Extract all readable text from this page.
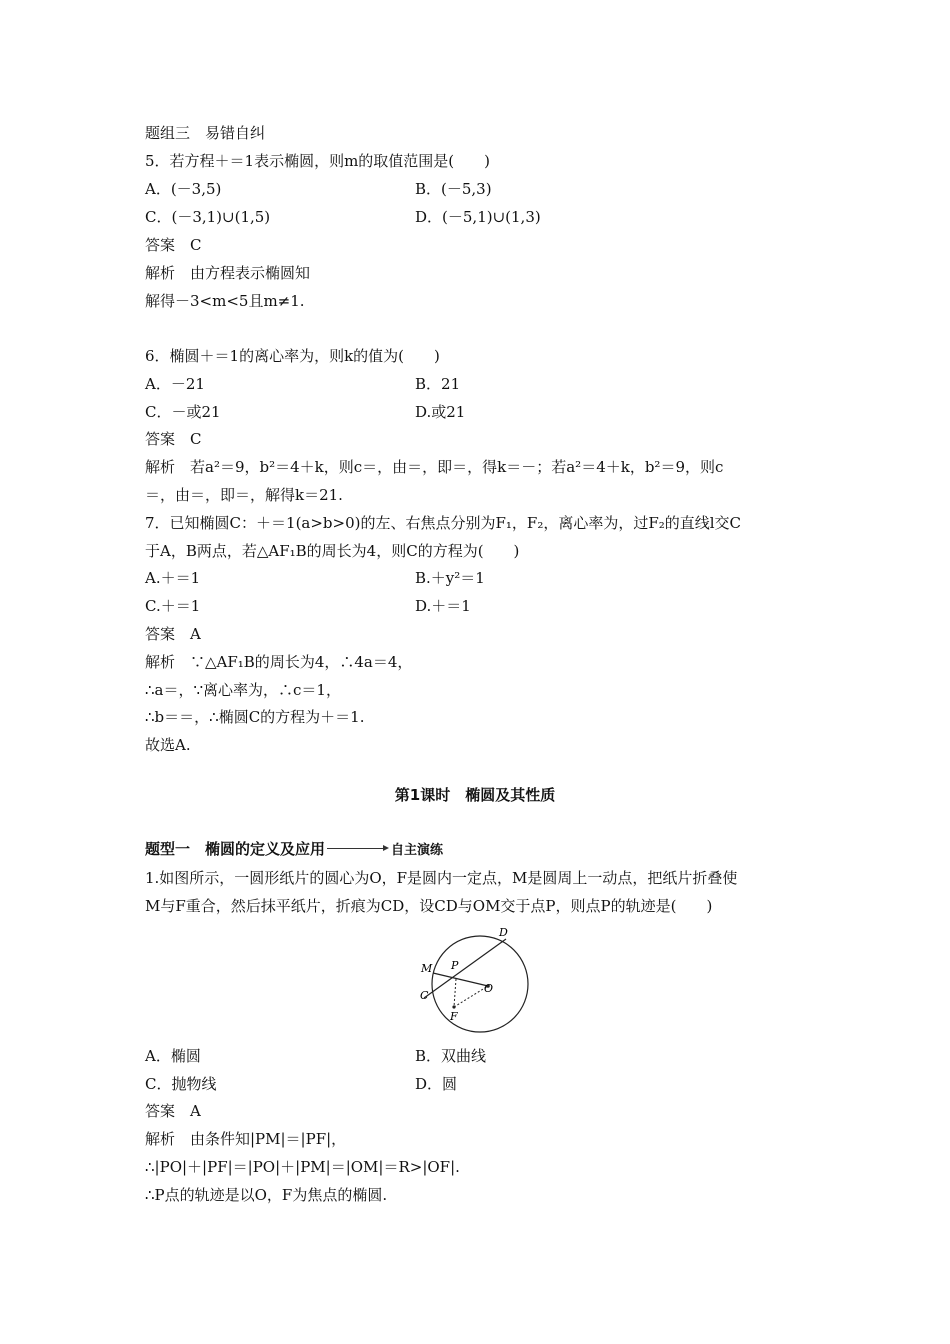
题组三　易错自纠
5．若方程＋＝1表示椭圆，则m的取值范围是(　　)
A．(－3,5)	B．(－5,3)
C．(－3,1)∪(1,5)	D．(－5,1)∪(1,3)
答案　C
解析　由方程表示椭圆知
解得－3<m<5且m≠1.
6．椭圆＋＝1的离心率为，则k的值为(　　)
A．－21	B．21
C．－或21	D.或21
答案　C
解析　若a²＝9，b²＝4＋k，则c＝，由＝，即＝，得k＝－；若a²＝4＋k，b²＝9，则c
＝，由＝，即＝，解得k＝21.
7．已知椭圆C：＋＝1(a>b>0)的左、右焦点分别为F₁，F₂，离心率为，过F₂的直线l交C
于A，B两点，若△AF₁B的周长为4，则C的方程为(　　)
A.＋＝1	B.＋y²＝1
C.＋＝1	D.＋＝1
答案　A
解析　∵△AF₁B的周长为4，∴4a＝4，
∴a＝，∵离心率为，∴c＝1，
∴b＝＝，∴椭圆C的方程为＋＝1.
故选A.
第1课时　椭圆及其性质
题型一　椭圆的定义及应用	自主演练
1.如图所示，一圆形纸片的圆心为O，F是圆内一定点，M是圆周上一动点，把纸片折叠使
M与F重合，然后抹平纸片，折痕为CD，设CD与OM交于点P，则点P的轨迹是(　　)
D
M P
O
C
F
A．椭圆	B．双曲线
C．抛物线	D．圆
答案　A
解析　由条件知|PM|＝|PF|，
∴|PO|＋|PF|＝|PO|＋|PM|＝|OM|＝R>|OF|.
∴P点的轨迹是以O，F为焦点的椭圆.
